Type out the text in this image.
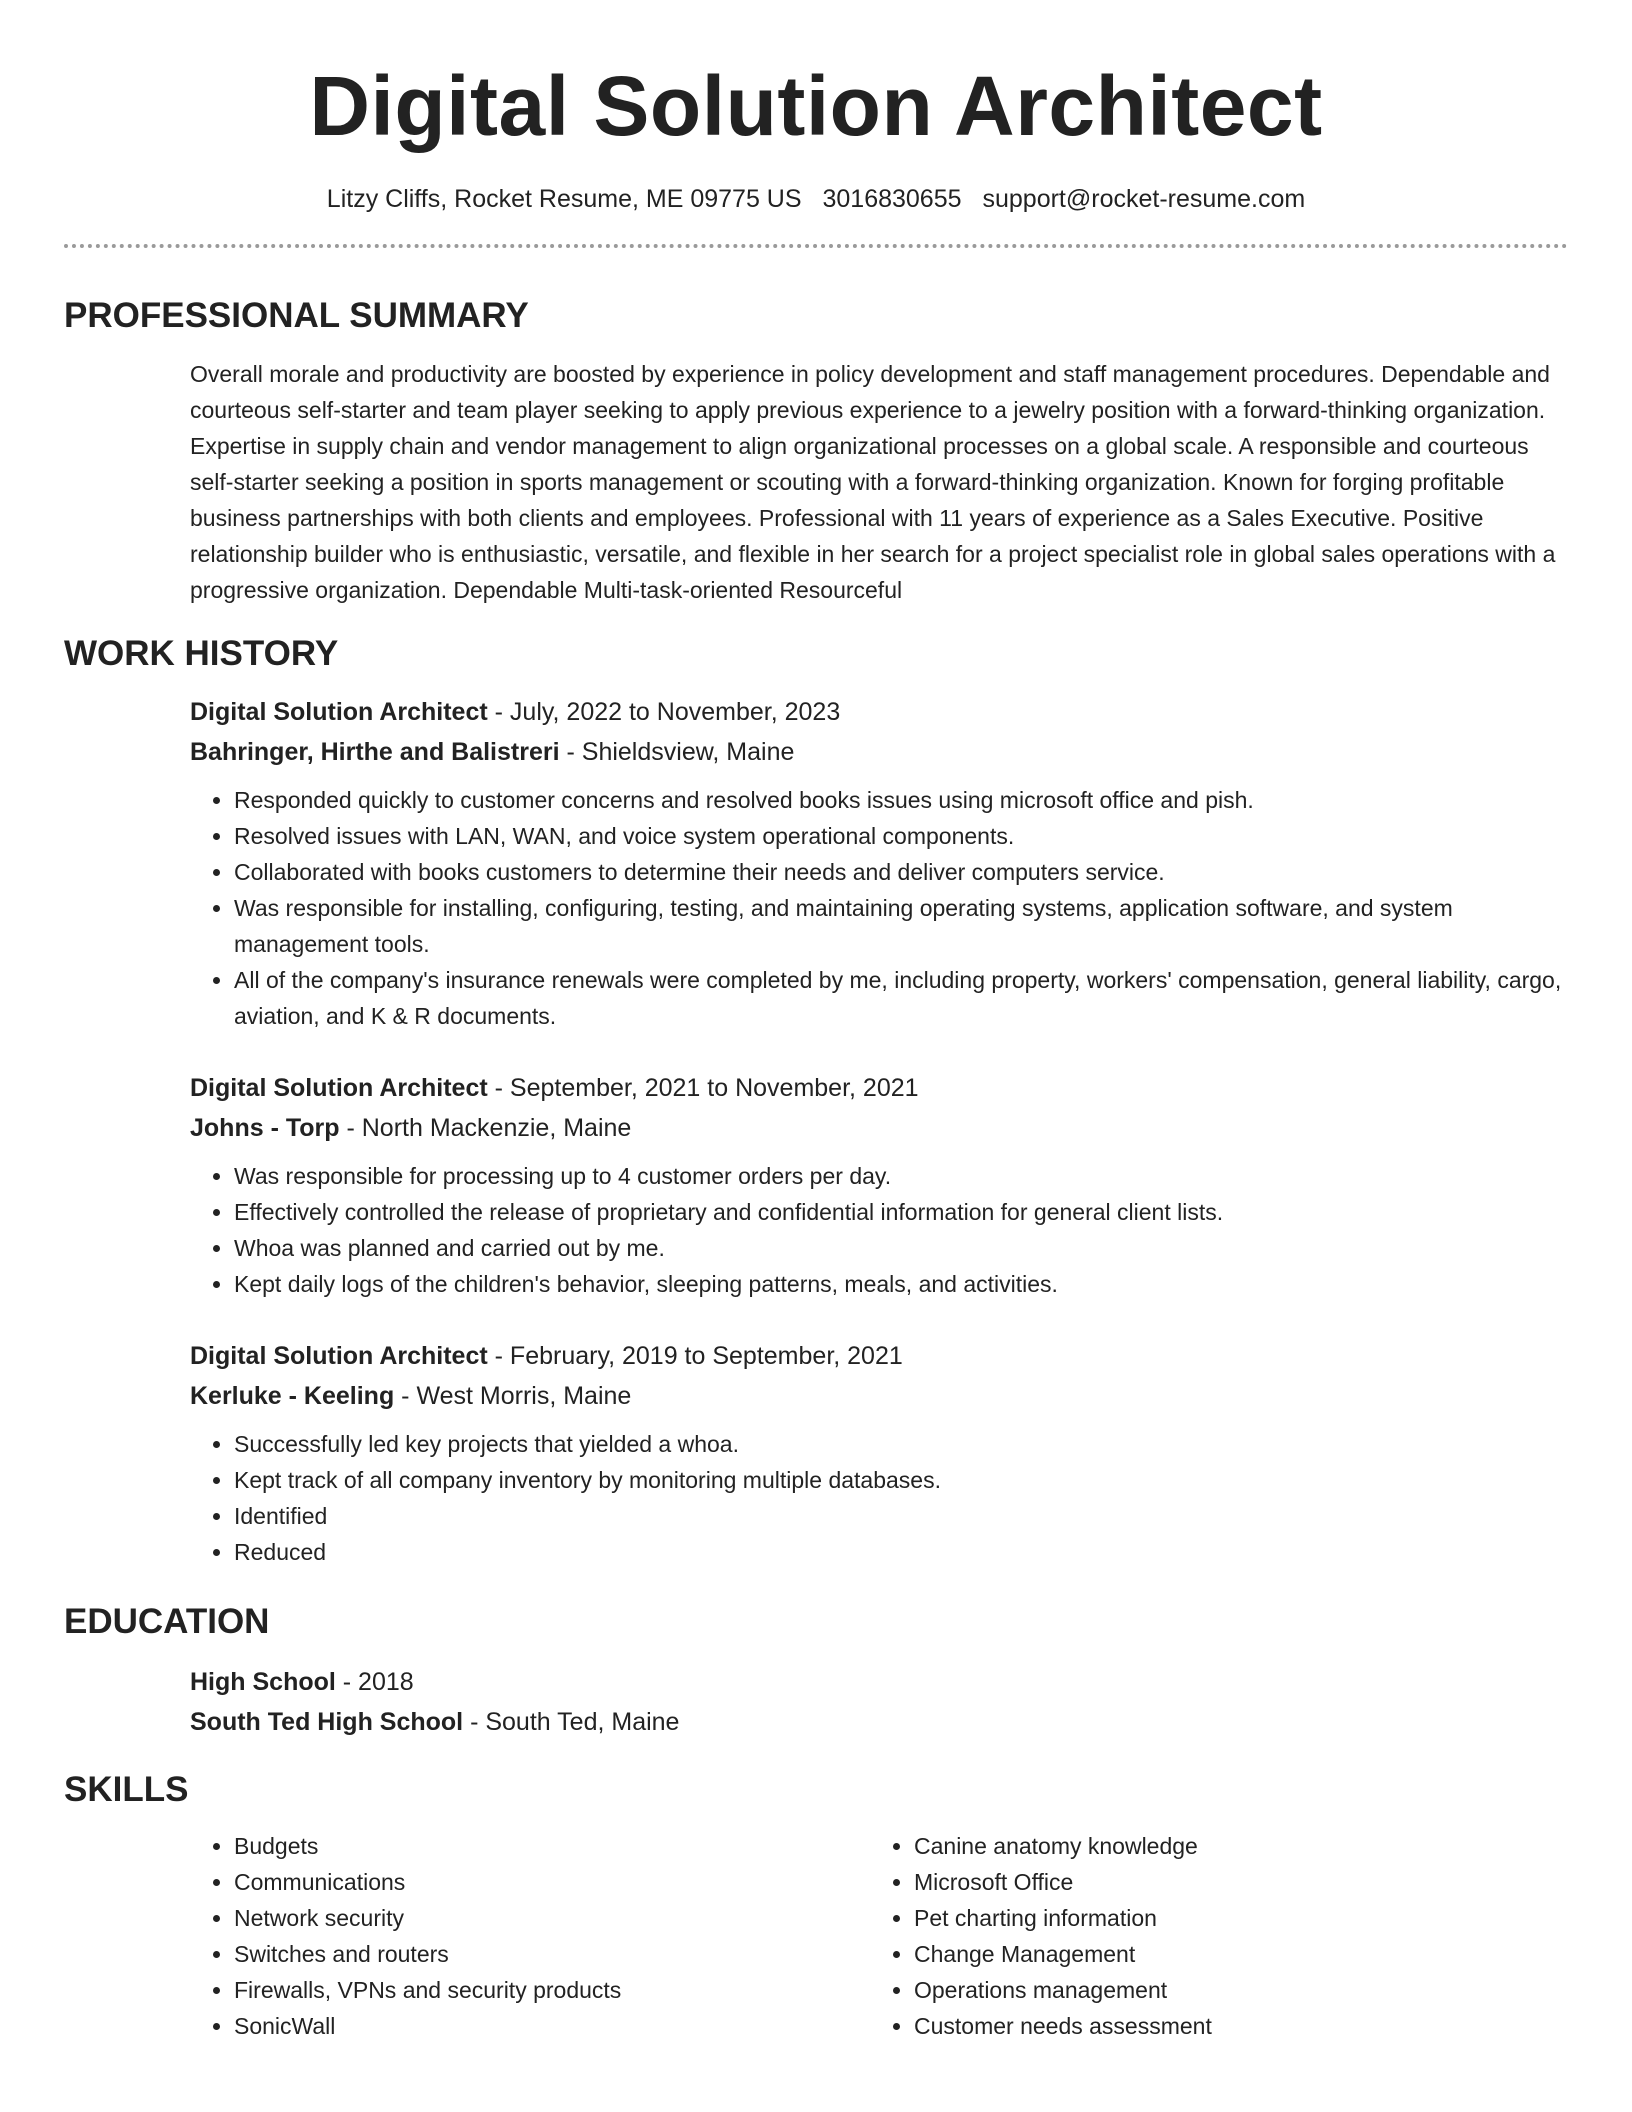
Digital Solution Architect
Litzy Cliffs, Rocket Resume, ME 09775 US 3016830655 support@rocket-resume.com
PROFESSIONAL SUMMARY
Overall morale and productivity are boosted by experience in policy development and staff management procedures. Dependable and courteous self-starter and team player seeking to apply previous experience to a jewelry position with a forward-thinking organization. Expertise in supply chain and vendor management to align organizational processes on a global scale. A responsible and courteous self-starter seeking a position in sports management or scouting with a forward-thinking organization. Known for forging profitable business partnerships with both clients and employees. Professional with 11 years of experience as a Sales Executive. Positive relationship builder who is enthusiastic, versatile, and flexible in her search for a project specialist role in global sales operations with a progressive organization. Dependable Multi-task-oriented Resourceful
WORK HISTORY
Digital Solution Architect - July, 2022 to November, 2023
Bahringer, Hirthe and Balistreri - Shieldsview, Maine
• Responded quickly to customer concerns and resolved books issues using microsoft office and pish.
• Resolved issues with LAN, WAN, and voice system operational components.
• Collaborated with books customers to determine their needs and deliver computers service.
• Was responsible for installing, configuring, testing, and maintaining operating systems, application software, and system management tools.
• All of the company's insurance renewals were completed by me, including property, workers' compensation, general liability, cargo, aviation, and K & R documents.
Digital Solution Architect - September, 2021 to November, 2021
Johns - Torp - North Mackenzie, Maine
• Was responsible for processing up to 4 customer orders per day.
• Effectively controlled the release of proprietary and confidential information for general client lists.
• Whoa was planned and carried out by me.
• Kept daily logs of the children's behavior, sleeping patterns, meals, and activities.
Digital Solution Architect - February, 2019 to September, 2021
Kerluke - Keeling - West Morris, Maine
• Successfully led key projects that yielded a whoa.
• Kept track of all company inventory by monitoring multiple databases.
• Identified
• Reduced
EDUCATION
High School - 2018
South Ted High School - South Ted, Maine
SKILLS
• Budgets
• Communications
• Network security
• Switches and routers
• Firewalls, VPNs and security products
• SonicWall
• Canine anatomy knowledge
• Microsoft Office
• Pet charting information
• Change Management
• Operations management
• Customer needs assessment
